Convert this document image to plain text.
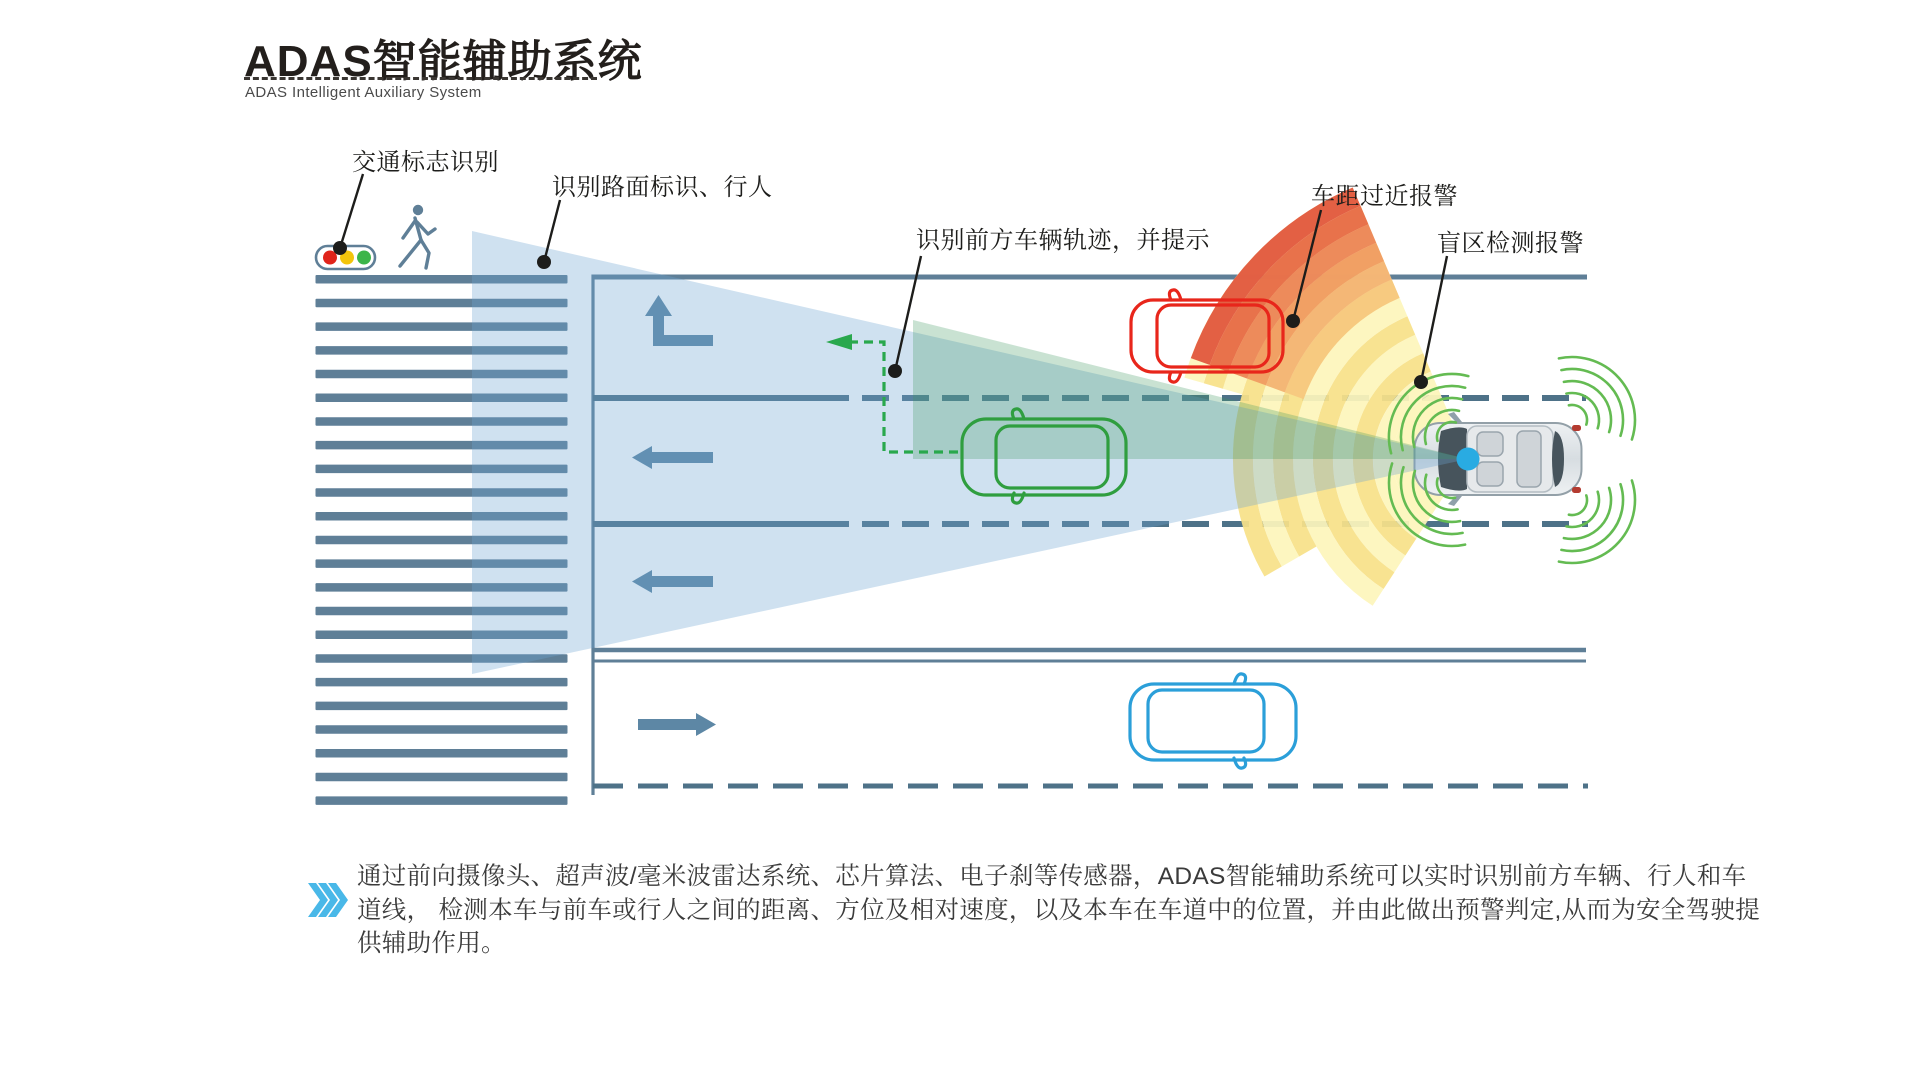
ADAS智能辅助系统
ADAS Intelligent Auxiliary System
交通标志识别
识别路面标识、行人
识别前方车辆轨迹，并提示
车距过近报警
盲区检测报警
通过前向摄像头、超声波/毫米波雷达系统、芯片算法、电子刹等传感器，ADAS智能辅助系统可以实时识别前方车辆、行人和车
道线， 检测本车与前车或行人之间的距离、方位及相对速度，以及本车在车道中的位置，并由此做出预警判定,从而为安全驾驶提
供辅助作用。
